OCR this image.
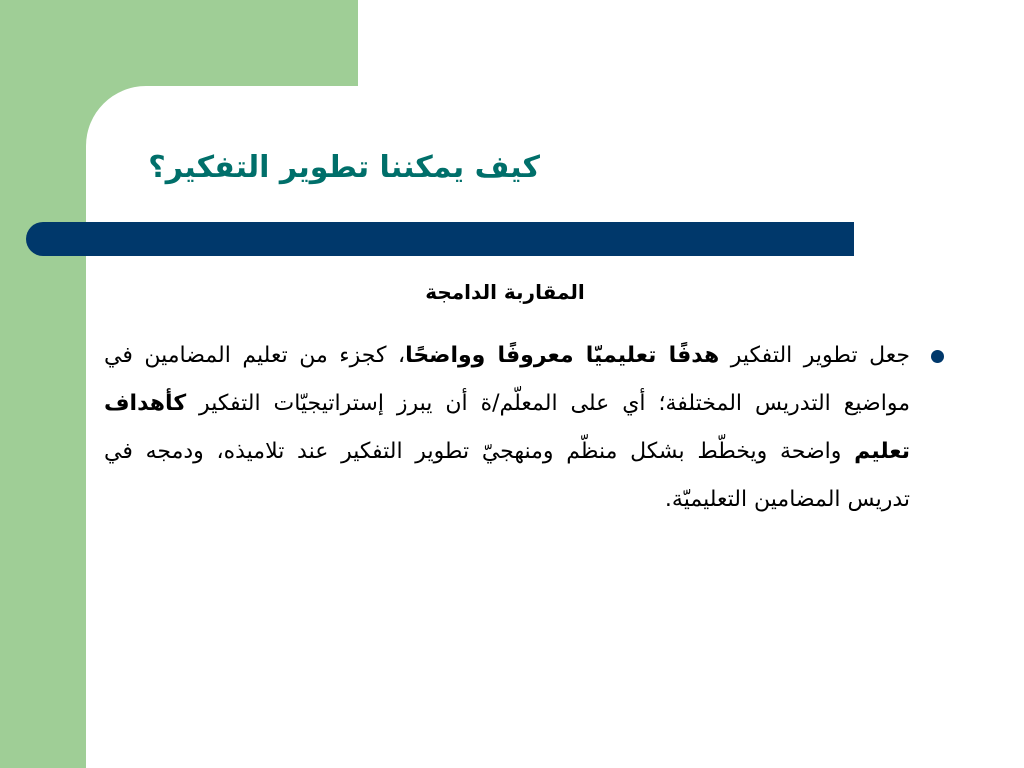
كيف يمكننا تطوير التفكير؟
المقاربة الدامجة

جعل تطوير التفكير هدفًا تعليميّا معروفًا وواضحًا، كجزء من تعليم المضامين في مواضيع التدريس المختلفة؛ أي على المعلّم/ة أن يبرز إستراتيجيّات التفكير كأهداف تعليم واضحة ويخطّط بشكل منظّم ومنهجيّ تطوير التفكير عند تلاميذه، ودمجه في تدريس المضامين التعليميّة.
